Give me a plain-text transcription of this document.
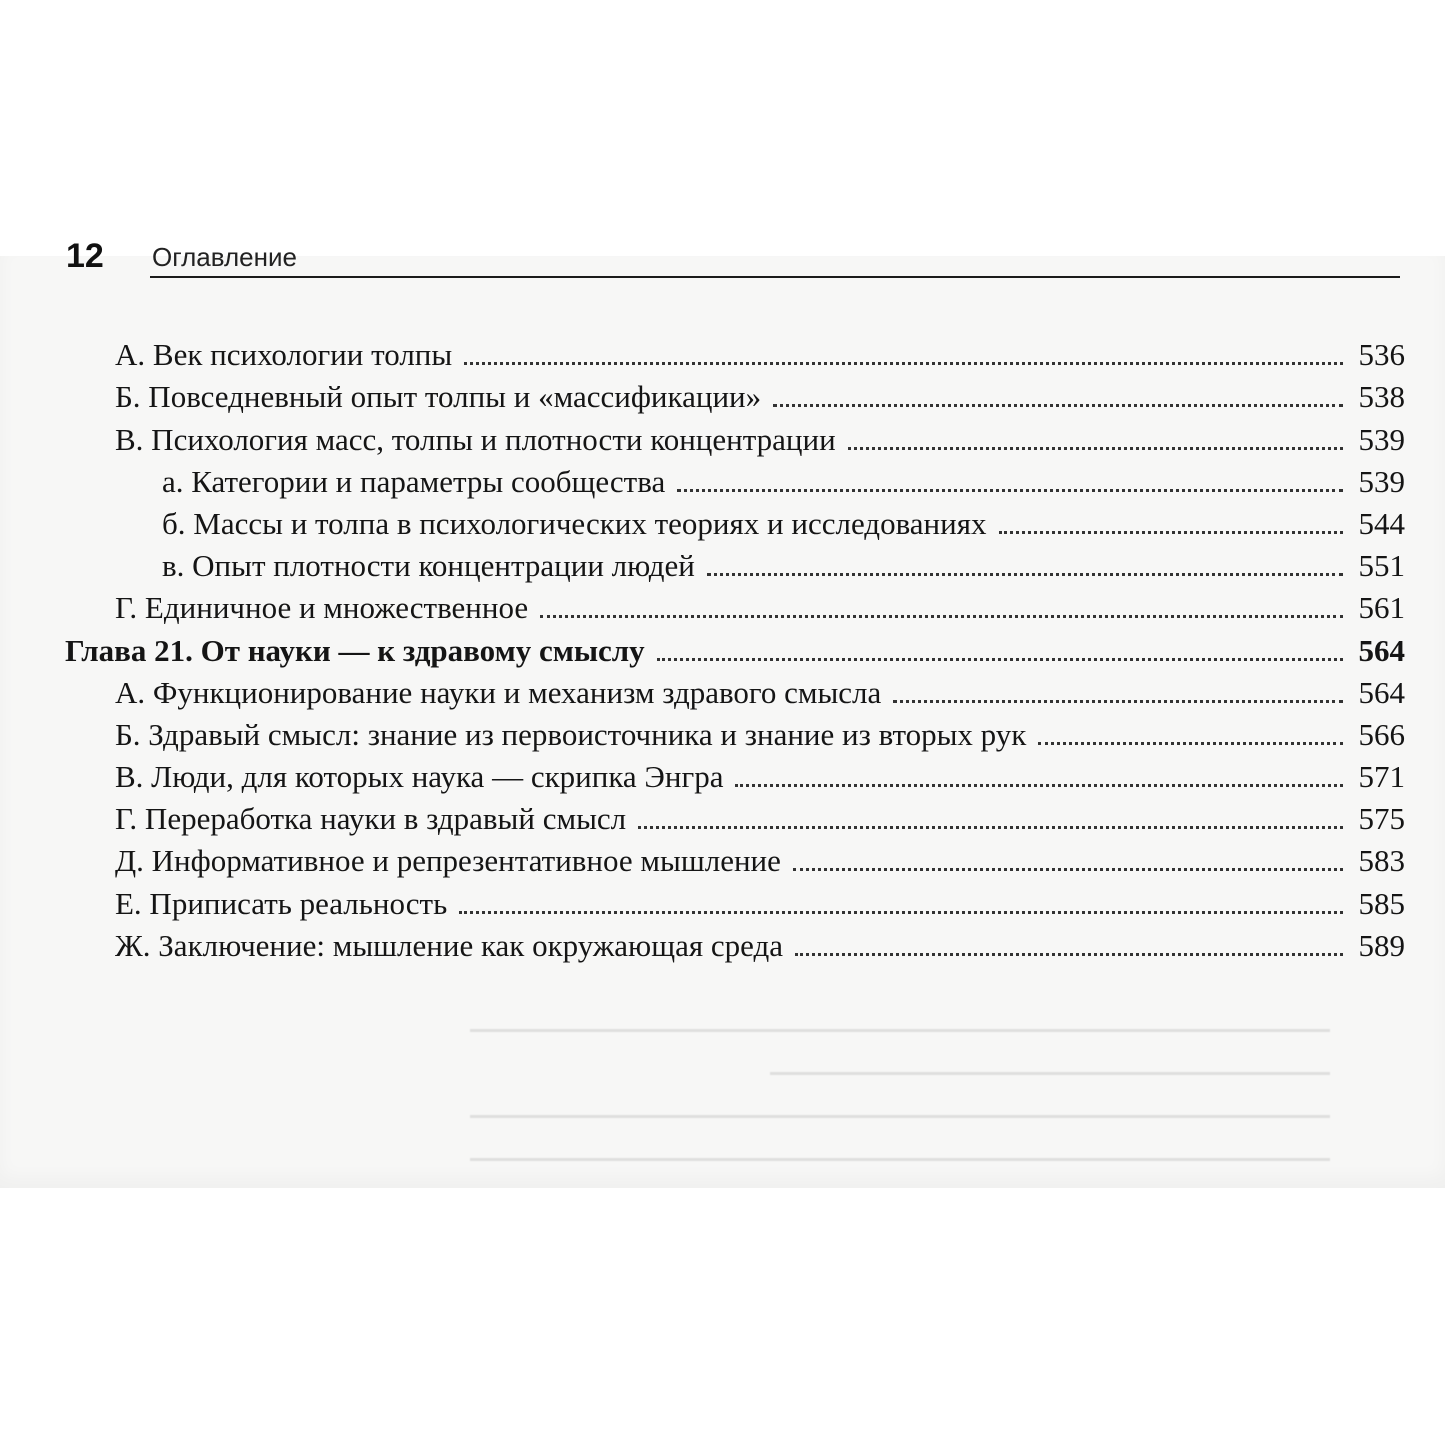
12 Оглавление
А. Век психологии толпы	536
Б. Повседневный опыт толпы и «массификации»	538
В. Психология масс, толпы и плотности концентрации	539
а. Категории и параметры сообщества	539
б. Массы и толпа в психологических теориях и исследованиях	544
в. Опыт плотности концентрации людей	551
Г. Единичное и множественное	561
Глава 21. От науки — к здравому смыслу	564
А. Функционирование науки и механизм здравого смысла	564
Б. Здравый смысл: знание из первоисточника и знание из вторых рук	566
В. Люди, для которых наука — скрипка Энгра	571
Г. Переработка науки в здравый смысл	575
Д. Информативное и репрезентативное мышление	583
Е. Приписать реальность	585
Ж. Заключение: мышление как окружающая среда	589
